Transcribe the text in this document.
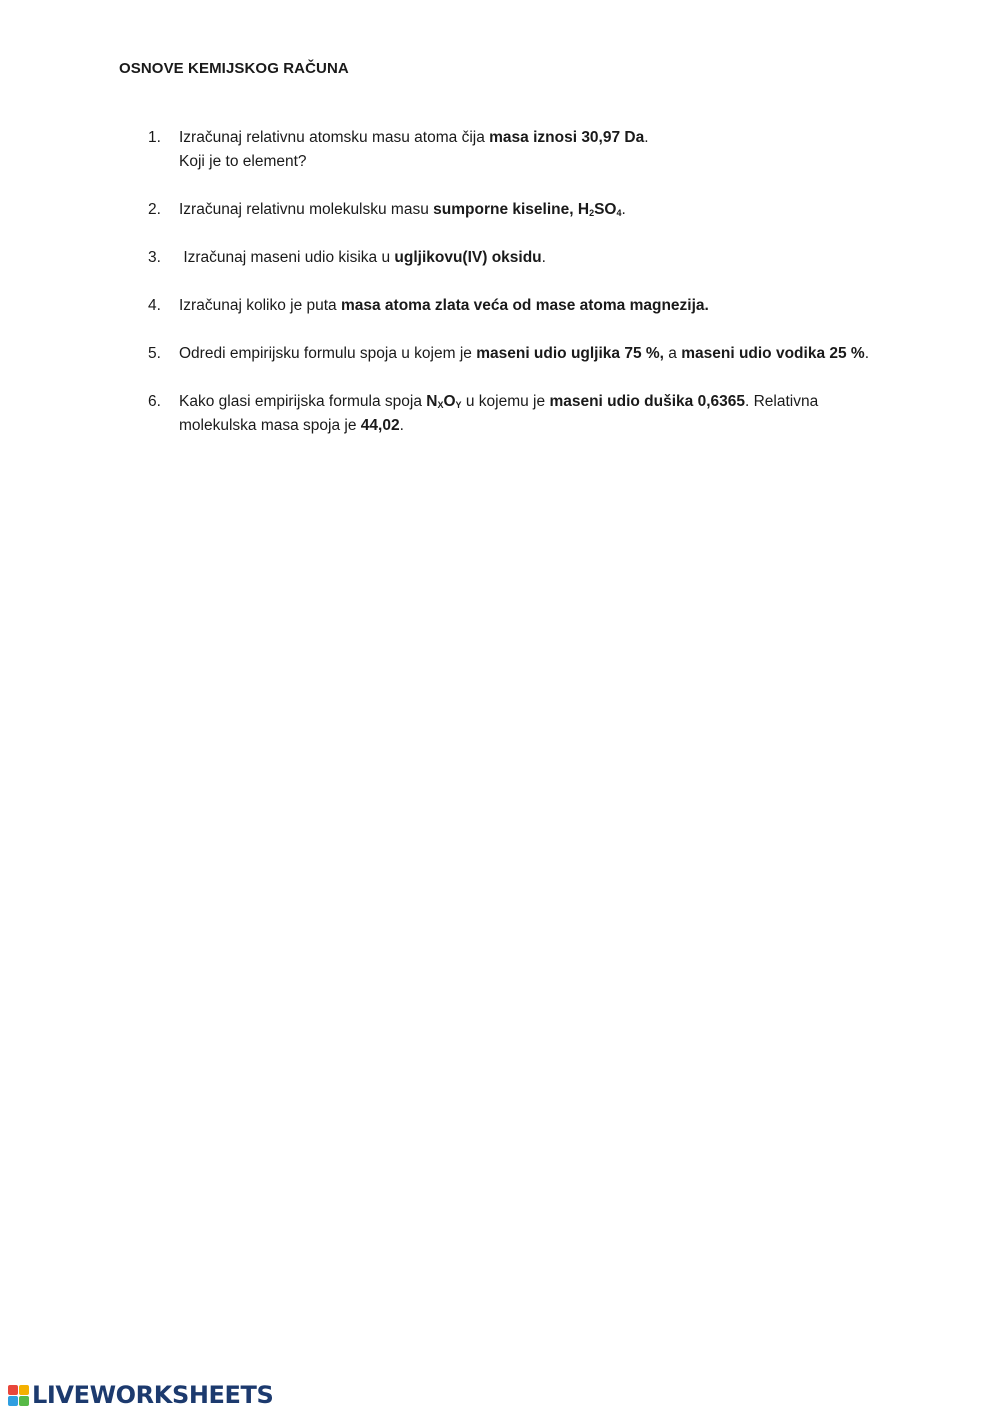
OSNOVE KEMIJSKOG RAČUNA
1.	Izračunaj relativnu atomsku masu atoma čija masa iznosi 30,97 Da.
Koji je to element?
2.	Izračunaj relativnu molekulsku masu sumporne kiseline, $H_2SO_4$.
3.	Izračunaj maseni udio kisika u ugljikovu(IV) oksidu.
4.	Izračunaj koliko je puta masa atoma zlata veća od mase atoma magnezija.
5.	Odredi empirijsku formulu spoja u kojem je maseni udio ugljika 75 %, a maseni udio vodika 25 %.
6.	Kako glasi empirijska formula spoja $N_XO_Y$ u kojemu je maseni udio dušika 0,6365. Relativna molekulska masa spoja je 44,02.
LIVEWORKSHEETS
